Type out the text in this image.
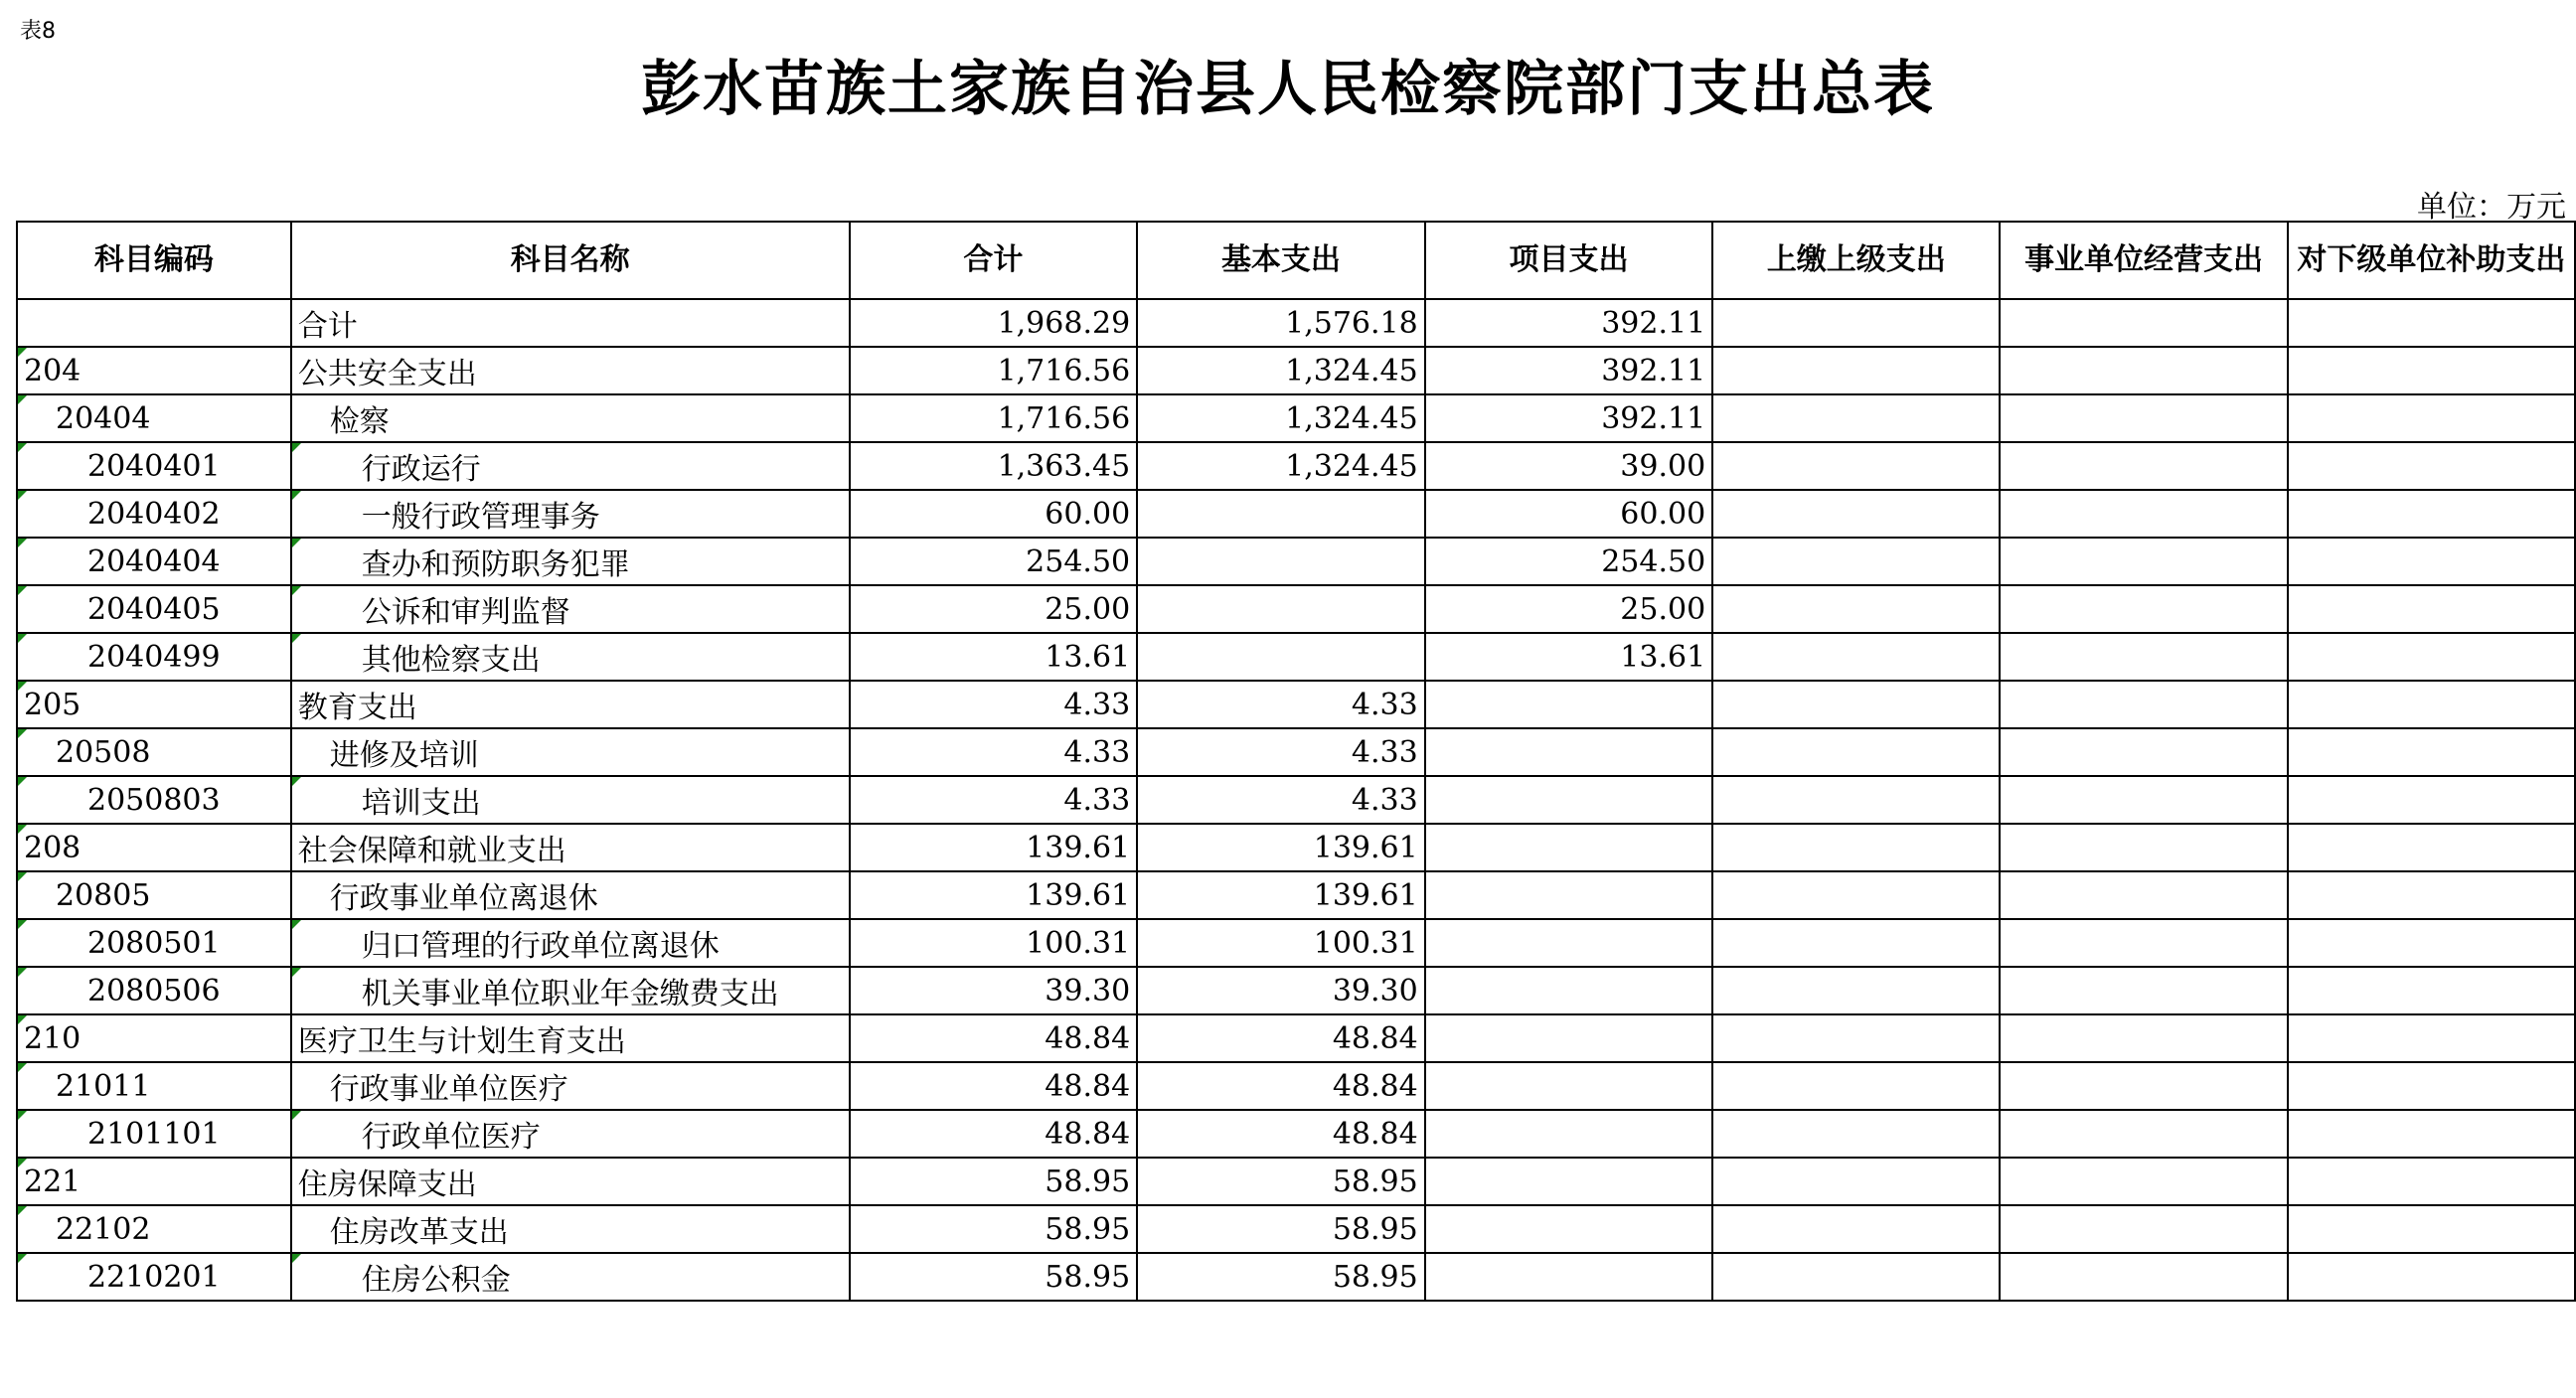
表8
彭水苗族土家族自治县人民检察院部门支出总表
单位：万元
科目编码	科目名称	合计	基本支出	项目支出	上缴上级支出	事业单位经营支出	对下级单位补助支出
	合计	1,968.29	1,576.18	392.11			
204	公共安全支出	1,716.56	1,324.45	392.11			
20404	检察	1,716.56	1,324.45	392.11			
2040401	行政运行	1,363.45	1,324.45	39.00			
2040402	一般行政管理事务	60.00		60.00			
2040404	查办和预防职务犯罪	254.50		254.50			
2040405	公诉和审判监督	25.00		25.00			
2040499	其他检察支出	13.61		13.61			
205	教育支出	4.33	4.33				
20508	进修及培训	4.33	4.33				
2050803	培训支出	4.33	4.33				
208	社会保障和就业支出	139.61	139.61				
20805	行政事业单位离退休	139.61	139.61				
2080501	归口管理的行政单位离退休	100.31	100.31				
2080506	机关事业单位职业年金缴费支出	39.30	39.30				
210	医疗卫生与计划生育支出	48.84	48.84				
21011	行政事业单位医疗	48.84	48.84				
2101101	行政单位医疗	48.84	48.84				
221	住房保障支出	58.95	58.95				
22102	住房改革支出	58.95	58.95				
2210201	住房公积金	58.95	58.95				
